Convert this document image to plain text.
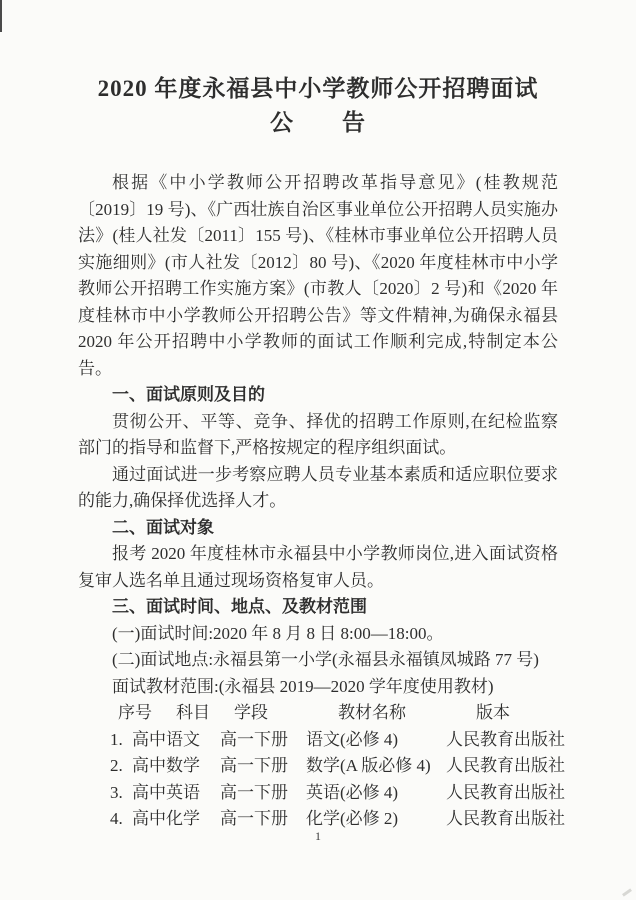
2020 年度永福县中小学教师公开招聘面试
公　　告

根据《中小学教师公开招聘改革指导意见》(桂教规范〔2019〕19 号)、《广西壮族自治区事业单位公开招聘人员实施办法》(桂人社发〔2011〕155 号)、《桂林市事业单位公开招聘人员实施细则》(市人社发〔2012〕80 号)、《2020 年度桂林市中小学教师公开招聘工作实施方案》(市教人〔2020〕2 号)和《2020 年度桂林市中小学教师公开招聘公告》等文件精神,为确保永福县 2020 年公开招聘中小学教师的面试工作顺利完成,特制定本公告。

一、面试原则及目的

贯彻公开、平等、竞争、择优的招聘工作原则,在纪检监察部门的指导和监督下,严格按规定的程序组织面试。

通过面试进一步考察应聘人员专业基本素质和适应职位要求的能力,确保择优选择人才。

二、面试对象

报考 2020 年度桂林市永福县中小学教师岗位,进入面试资格复审人选名单且通过现场资格复审人员。

三、面试时间、地点、及教材范围

(一)面试时间:2020 年 8 月 8 日 8:00—18:00。

(二)面试地点:永福县第一小学(永福县永福镇凤城路 77 号)

面试教材范围:(永福县 2019—2020 学年度使用教材)

序号 科目 学段	教材名称	版本
1. 高中语文 高一下册 语文(必修 4)	人民教育出版社
2. 高中数学 高一下册 数学(A 版必修 4) 人民教育出版社
3. 高中英语 高一下册 英语(必修 4)	人民教育出版社
4. 高中化学 高一下册 化学(必修 2)	人民教育出版社
1
